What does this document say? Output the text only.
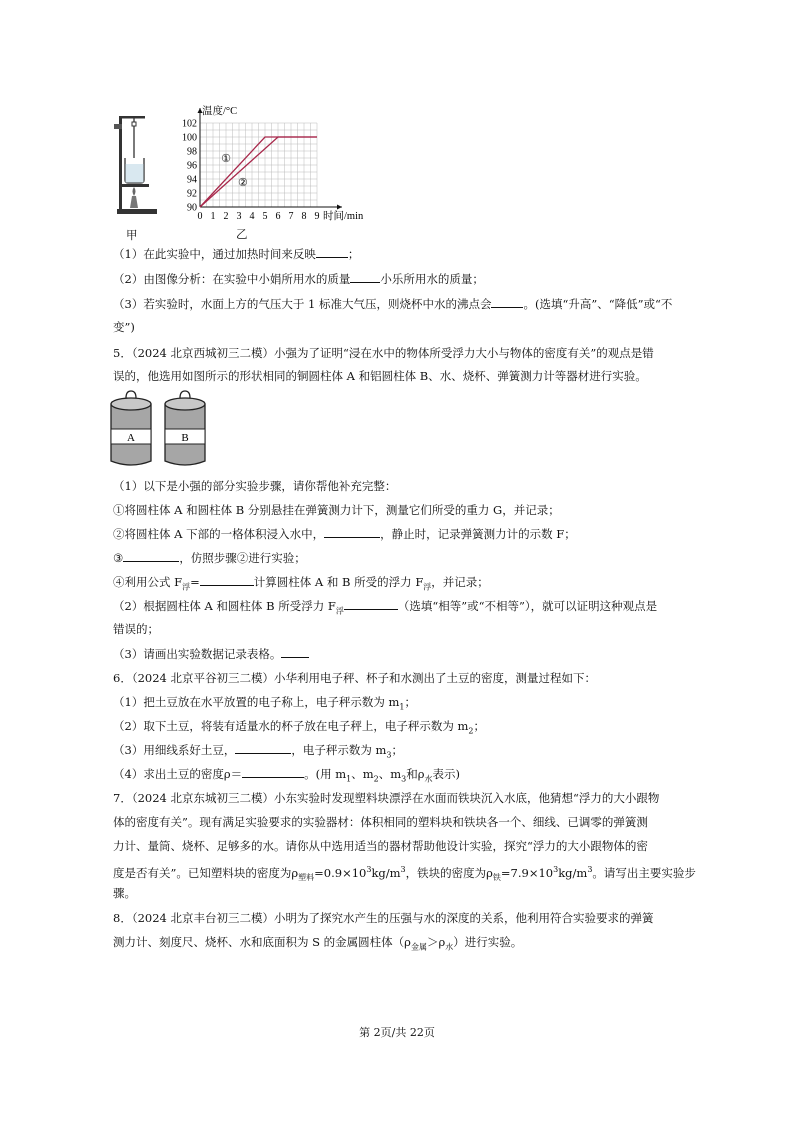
甲
90
92
94
96
98
100
102
0 1 2 3 4 5 6 7 8 9
温度/°C
时间/min
①
②
乙
（1）在此实验中，通过加热时间来反映	；
（2）由图像分析：在实验中小娟所用水的质量	小乐所用水的质量；
（3）若实验时，水面上方的气压大于 1 标准大气压，则烧杯中水的沸点会	。(选填“升高”、“降低”或“不
变”)
5．（2024 北京西城初三二模）小强为了证明“浸在水中的物体所受浮力大小与物体的密度有关”的观点是错
误的，他选用如图所示的形状相同的铜圆柱体 A 和铝圆柱体 B、水、烧杯、弹簧测力计等器材进行实验。
A	B
（1）以下是小强的部分实验步骤，请你帮他补充完整：
①将圆柱体 A 和圆柱体 B 分别悬挂在弹簧测力计下，测量它们所受的重力 G，并记录；
②将圆柱体 A 下部的一格体积浸入水中，	，静止时，记录弹簧测力计的示数 F；
③	，仿照步骤②进行实验；
④利用公式 $F_浮=$	计算圆柱体 A 和 B 所受的浮力 $F_浮$，并记录；
（2）根据圆柱体 A 和圆柱体 B 所受浮力 $F_浮$	（选填“相等”或“不相等”），就可以证明这种观点是
错误的；
（3）请画出实验数据记录表格。
6．（2024 北京平谷初三二模）小华利用电子秤、杯子和水测出了土豆的密度，测量过程如下：
（1）把土豆放在水平放置的电子称上，电子秤示数为 $m_1$；
（2）取下土豆，将装有适量水的杯子放在电子秤上，电子秤示数为 $m_2$；
（3）用细线系好土豆，	，电子秤示数为 $m_3$；
（4）求出土豆的密度ρ＝	。(用 $m_1$、$m_2$、$m_3$和$\rho_水$表示)
7．（2024 北京东城初三二模）小东实验时发现塑料块漂浮在水面而铁块沉入水底，他猜想“浮力的大小跟物
体的密度有关”。现有满足实验要求的实验器材：体积相同的塑料块和铁块各一个、细线、已调零的弹簧测
力计、量筒、烧杯、足够多的水。请你从中选用适当的器材帮助他设计实验，探究“浮力的大小跟物体的密
度是否有关”。已知塑料块的密度为$\rho_{塑料}=0.9\times 10^3kg/m^3$，铁块的密度为$\rho_铁=7.9\times 10^3kg/m^3$。请写出主要实验步
骤。
8．（2024 北京丰台初三二模）小明为了探究水产生的压强与水的深度的关系，他利用符合实验要求的弹簧
测力计、刻度尺、烧杯、水和底面积为 S 的金属圆柱体$(\rho_{金属}>\rho_水)$进行实验。
第 2页/共 22页
